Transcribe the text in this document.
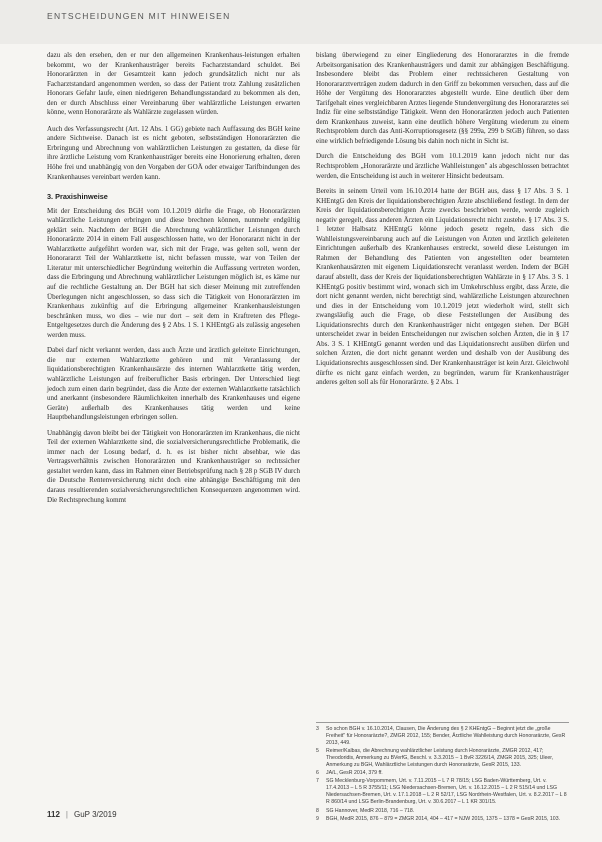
ENTSCHEIDUNGEN MIT HINWEISEN

dazu als den ersehen, den er nur den allgemeinen Krankenhaus-leistungen erhalten bekommt, wo der Krankenhausträger bereits Facharztstandard schuldet. Bei Honorarärzten in der Gesamtzeit kann jedoch grundsätzlich nicht nur als Facharztstandard angenommen werden, so dass der Patient trotz Zahlung zusätzlichen Honorars Gefahr laufe, einen niedrigeren Behandlungsstandard zu bekommen als den, den er durch Abschluss einer Vereinbarung über wahlärztliche Leistungen erwarten könne, wenn Honorarärzte als Wahlärzte zugelassen würden.

Auch des Verfassungsrecht (Art. 12 Abs. 1 GG) gebiete nach Auffassung des BGH keine andere Sichtweise. Danach ist es nicht geboten, selbstständigen Honorarärzten die Erbringung und Abrechnung von wahlärztlichen Leistungen zu gestatten, da diese für ihre ärztliche Leistung vom Krankenhausträger bereits eine Honorierung erhalten, deren Höhe frei und unabhängig von den Vorgaben der GOÄ oder etwaiger Tarifbindungen des Krankenhauses vereinbart werden kann.

3. Praxishinweise

Mit der Entscheidung des BGH vom 10.1.2019 dürfte die Frage, ob Honorarärzten wahlärztliche Leistungen erbringen und diese brechnen können, nunmehr endgültig geklärt sein. Nachdem der BGH die Abrechnung wahlärztlicher Leistungen durch Honorarärzte 2014 in einem Fall ausgeschlossen hatte, wo der Honorararzt nicht in der Wahlarztkette aufgeführt worden war, sich mit der Frage, was gelten soll, wenn der Honorararzt Teil der Wahlarztkette ist, nicht befassen musste, war von Teilen der Literatur mit unterschiedlicher Begründung weiterhin die Auffassung vertreten worden, dass die Erbringung und Abrechnung wahlärztlicher Leistungen möglich ist, es käme nur auf die rechtliche Gestaltung an. Der BGH hat sich dieser Meinung mit zutreffenden Überlegungen nicht angeschlossen, so dass sich die Tätigkeit von Honorarärzten im Krankenhaus zukünftig auf die Erbringung allgemeiner Krankenhausleistungen beschränken muss, wo dies – wie nur dort – seit dem in Kraftreten des Pflege-Entgeltgesetzes durch die Änderung des § 2 Abs. 1 S. 1 KHEntgG als zulässig angesehen werden muss.

Dabei darf nicht verkannt werden, dass auch Ärzte und ärztlich geleitete Einrichtungen, die nur externen Wahlarztkette gehören und mit Veranlassung der liquidationsberechtigten Krankenhausärzte des internen Wahlarztkette tätig werden, wahlärztliche Leistungen auf freiberuflicher Basis erbringen. Der Unterschied liegt jedoch zum einen darin begründet, dass die Ärzte der externen Wahlarztkette tatsächlich und anerkannt (insbesondere Räumlichkeiten innerhalb des Krankenhauses und eigene Geräte) außerhalb des Krankenhauses tätig werden und keine Hauptbehandlungsleistungen erbringen sollen.

Unabhängig davon bleibt bei der Tätigkeit von Honorarärzten im Krankenhaus, die nicht Teil der externen Wahlarztkette sind, die sozialversicherungsrechtliche Problematik, die immer nach der Losung bedarf, d. h. es ist bisher nicht absehbar, wie das Vertragsverhältnis zwischen Honorarärzten und Krankenhausträger so rechtssicher gestaltet werden kann, dass im Rahmen einer Betriebsprüfung nach § 28 p SGB IV durch die Deutsche Rentenversicherung nicht doch eine abhängige Beschäftigung mit den daraus resultierenden sozialversicherungsrechtlichen Konsequenzen angenommen wird. Die Rechtsprechung kommt

bislang überwiegend zu einer Eingliederung des Honorararztes in die fremde Arbeitsorganisation des Krankenhausträgers und damit zur abhängigen Beschäftigung. Insbesondere bleibt das Problem einer rechtssicheren Gestaltung von Honorararztverträgen zudem dadurch in den Griff zu bekommen versuchen, dass auf die Höhe der Vergütung des Honorararztes abgestellt wurde. Eine deutlich über dem Tarifgehalt eines vergleichbaren Arztes liegende Stundenvergütung des Honorararztes sei Indiz für eine selbstständige Tätigkeit. Wenn den Honorarärzten jedoch auch Patienten dem Krankenhaus zuweist, kann eine deutlich höhere Vergütung wiederum zu einem Rechtsproblem durch das Anti-Korruptionsgesetz (§§ 299a, 299 b StGB) führen, so dass eine wirklich befriedigende Lösung bis dahin noch nicht in Sicht ist.

Durch die Entscheidung des BGH vom 10.1.2019 kann jedoch nicht nur das Rechtsproblem „Honorarärzte und ärztliche Wahlleistungen" als abgeschlossen betrachtet werden, die Entscheidung ist auch in weiterer Hinsicht bedeutsam.

Bereits in seinem Urteil vom 16.10.2014 hatte der BGH aus, dass § 17 Abs. 3 S. 1 KHEntgG den Kreis der liquidationsberechtigten Ärzte abschließend festlegt. In dem der Kreis der liquidationsberechtigten Ärzte zwecks beschrieben werde, werde zugleich negativ geregelt, dass anderen Ärzten ein Liquidationsrecht nicht zustehe. § 17 Abs. 3 S. 1 letzter Halbsatz KHEntgG könne jedoch gesetz regeln, dass sich die Wahlleistungsvereinbarung auch auf die Leistungen von Ärzten und ärztlich geleiteten Einrichtungen außerhalb des Krankenhauses erstreckt, soweld diese Leistungen im Rahmen der Behandlung des Patienten von angestellten oder beamteten Krankenhausärzten mit eigenem Liquidationsrecht veranlasst werden. Indem der BGH darauf abstellt, dass der Kreis der liquidationsberechtigten Wahlärzte in § 17 Abs. 3 S. 1 KHEntgG positiv bestimmt wird, wonach sich im Umkehrschluss ergibt, dass Ärzte, die dort nicht genannt werden, nicht berechtigt sind, wahlärztliche Leistungen abzurechnen und dies in der Entscheidung vom 10.1.2019 jetzt wiederholt wird, stellt sich zwangsläufig auch die Frage, ob diese Feststellungen der Ausübung des Liquidationsrechts durch den Krankenhausträger nicht entgegen stehen. Der BGH unterscheidet zwar in beiden Entscheidungen nur zwischen solchen Ärzten, die in § 17 Abs. 3 S. 1 KHEntgG genannt werden und das Liquidationsrecht ausüben dürfen und solchen Ärzten, die dort nicht genannt werden und deshalb von der Ausübung des Liquidationsrechts ausgeschlossen sind. Der Krankenhausträger ist kein Arzt. Gleichwohl dürfte es nicht ganz einfach werden, zu begründen, warum für Krankenhausträger anderes gelten soll als für Honorarärzte. § 2 Abs. 1

3	So schon BGH v. 16.10.2014, Clausen, Die Änderung des § 2 KHEntgG – Beginnt jetzt die „große Freiheit" für Honorarärzte?, ZMGR 2012, 155; Bender, Ärztliche Wahlleistung durch Honorarärzte, GesR 2013, 449.
5	Reimer/Kalbas, die Abrechnung wahlärztlicher Leistung durch Honorarärzte, ZMGR 2012, 417; Theodoridis, Anmerkung zu BVerfG, Beschl. v. 3.3.2015 – 1 BvR 3226/14, ZMGR 2015, 325; Uleer, Anmerkung zu BGH, Wahlärztliche Leistungen durch Honorarärzte, GesR 2015, 133.
6	JA/L, GesR 2014, 379 ff.
7	SG Mecklenburg-Vorpommern, Urt. v. 7.11.2015 – L 7 R 78/15; LSG Baden-Württemberg, Urt. v. 17.4.2013 – L 5 R 3755/11; LSG Niedersachsen-Bremen, Urt. v. 16.12.2015 – L 2 R 515/14 und LSG Niedersachsen-Bremen, Urt. v. 17.1.2018 – L 2 R 52/17, LSG Nordrhein-Westfalen, Urt. v. 8.2.2017 – L 8 R 860/14 und LSG Berlin-Brandenburg, Urt. v. 30.6.2017 – L 1 KR 301/15.
8	SG Hannover, MedR 2018, 716 – 718.
9	BGH, MedR 2015, 876 – 879 = ZMGR 2014, 404 – 417 = NJW 2015, 1375 – 1378 = GesR 2015, 103.
112 | GuP 3/2019
